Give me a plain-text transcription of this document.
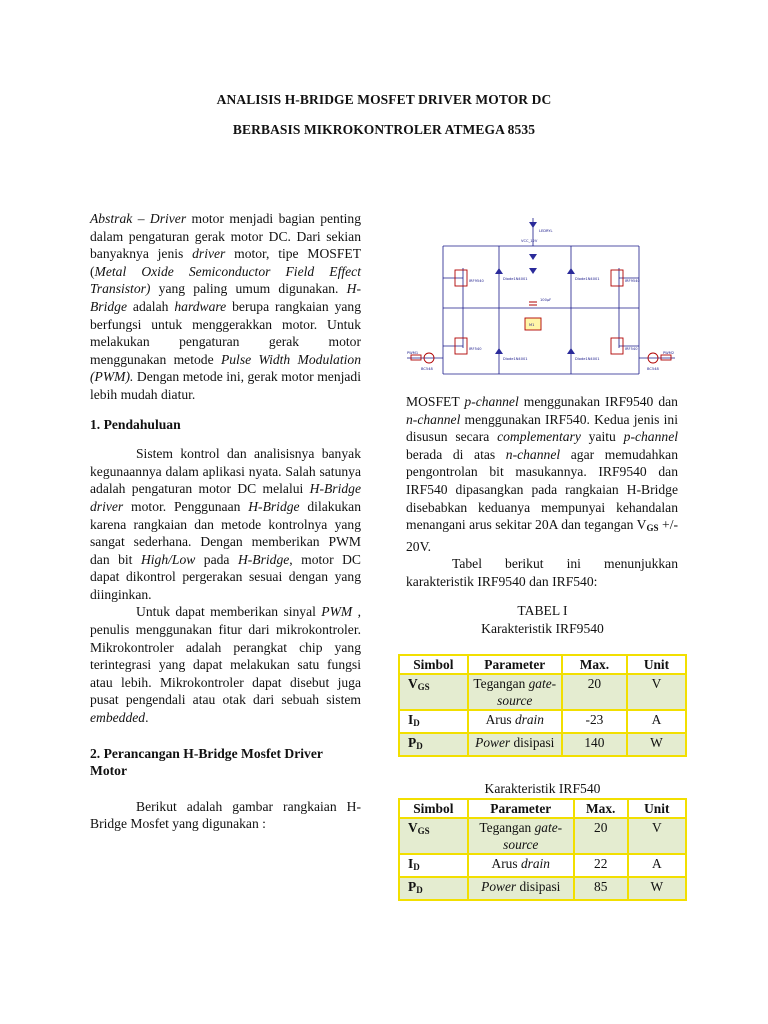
ANALISIS H-BRIDGE MOSFET DRIVER MOTOR DC
BERBASIS MIKROKONTROLER ATMEGA 8535

Abstrak – Driver motor menjadi bagian penting dalam pengaturan gerak motor DC. Dari sekian banyaknya jenis driver motor, tipe MOSFET (Metal Oxide Semiconductor Field Effect Transistor) yang paling umum digunakan. H-Bridge adalah hardware berupa rangkaian yang berfungsi untuk menggerakkan motor. Untuk melakukan pengaturan gerak motor menggunakan metode Pulse Width Modulation (PWM). Dengan metode ini, gerak motor menjadi lebih mudah diatur.

1. Pendahuluan

Sistem kontrol dan analisisnya banyak kegunaannya dalam aplikasi nyata. Salah satunya adalah pengaturan motor DC melalui H-Bridge driver motor. Penggunaan H-Bridge dilakukan karena rangkaian dan metode kontrolnya yang sangat sederhana. Dengan memberikan PWM dan bit High/Low pada H-Bridge, motor DC dapat dikontrol pergerakan sesuai dengan yang diinginkan.

Untuk dapat memberikan sinyal PWM , penulis menggunakan fitur dari mikrokontroler. Mikrokontroler adalah perangkat chip yang terintegrasi yang dapat melakukan satu fungsi atau lebih. Mikrokontroler dapat disebut juga pusat pengendali atau otak dari sebuah sistem embedded.

2. Perancangan H-Bridge Mosfet Driver Motor

Berikut adalah gambar rangkaian H-Bridge Mosfet yang digunakan :

VCC_12V
LEDRYL
IRF9540	IRF9540
IRF540	IRF540
Diode1N4001	Diode1N4001
Diode1N4001	Diode1N4001
100µF
M1
PWM1	PWM2
BC548	BC548

MOSFET p-channel menggunakan IRF9540 dan n-channel menggunakan IRF540. Kedua jenis ini disusun secara complementary yaitu p-channel berada di atas n-channel agar memudahkan pengontrolan bit masukannya. IRF9540 dan IRF540 dipasangkan pada rangkaian H-Bridge disebabkan keduanya mempunyai kehandalan menangani arus sekitar 20A dan tegangan $V_{GS}$ +/- 20V.

Tabel berikut ini menunjukkan karakteristik IRF9540 dan IRF540:

TABEL I
Karakteristik IRF9540
Simbol	Parameter	Max.	Unit
$V_{GS}$	Tegangan gate-source	20	V
$I_D$	Arus drain	-23	A
$P_D$	Power disipasi	140	W
Karakteristik IRF540
Simbol	Parameter	Max.	Unit
$V_{GS}$	Tegangan gate-source	20	V
$I_D$	Arus drain	22	A
$P_D$	Power disipasi	85	W
